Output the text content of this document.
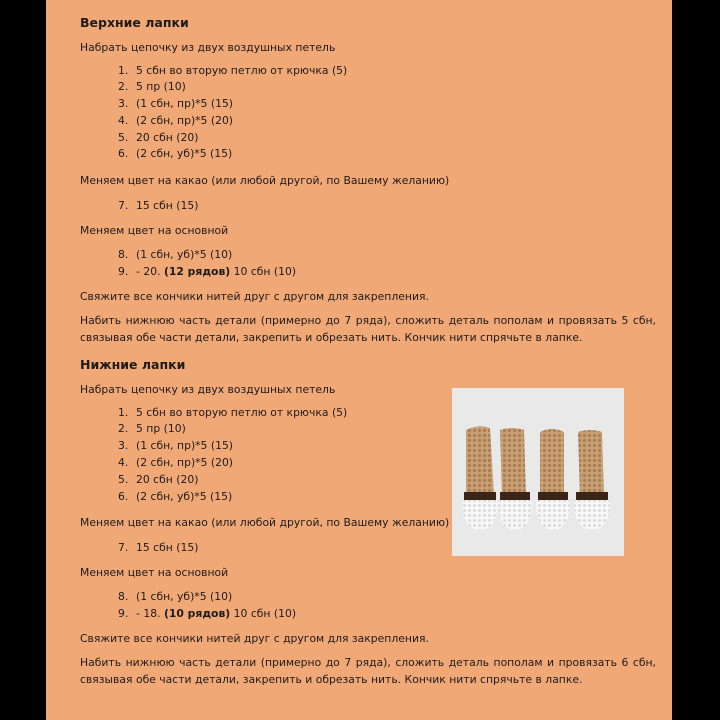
Верхние лапки
Набрать цепочку из двух воздушных петель
1. 5 сбн во вторую петлю от крючка (5)
2. 5 пр (10)
3. (1 сбн, пр)*5 (15)
4. (2 сбн, пр)*5 (20)
5. 20 сбн (20)
6. (2 сбн, уб)*5 (15)
Меняем цвет на какао (или любой другой, по Вашему желанию)
7. 15 сбн (15)
Меняем цвет на основной
8. (1 сбн, уб)*5 (10)
9. - 20. (12 рядов) 10 сбн (10)
Свяжите все кончики нитей друг с другом для закрепления.
Набить нижнюю часть детали (примерно до 7 ряда), сложить деталь пополам и провязать 5 сбн, связывая обе части детали, закрепить и обрезать нить. Кончик нити спрячьте в лапке.
Нижние лапки
Набрать цепочку из двух воздушных петель
1. 5 сбн во вторую петлю от крючка (5)
2. 5 пр (10)
3. (1 сбн, пр)*5 (15)
4. (2 сбн, пр)*5 (20)
5. 20 сбн (20)
6. (2 сбн, уб)*5 (15)
Меняем цвет на какао (или любой другой, по Вашему желанию)
7. 15 сбн (15)
Меняем цвет на основной
8. (1 сбн, уб)*5 (10)
9. - 18. (10 рядов) 10 сбн (10)
Свяжите все кончики нитей друг с другом для закрепления.
Набить нижнюю часть детали (примерно до 7 ряда), сложить деталь пополам и провязать 6 сбн, связывая обе части детали, закрепить и обрезать нить. Кончик нити спрячьте в лапке.
